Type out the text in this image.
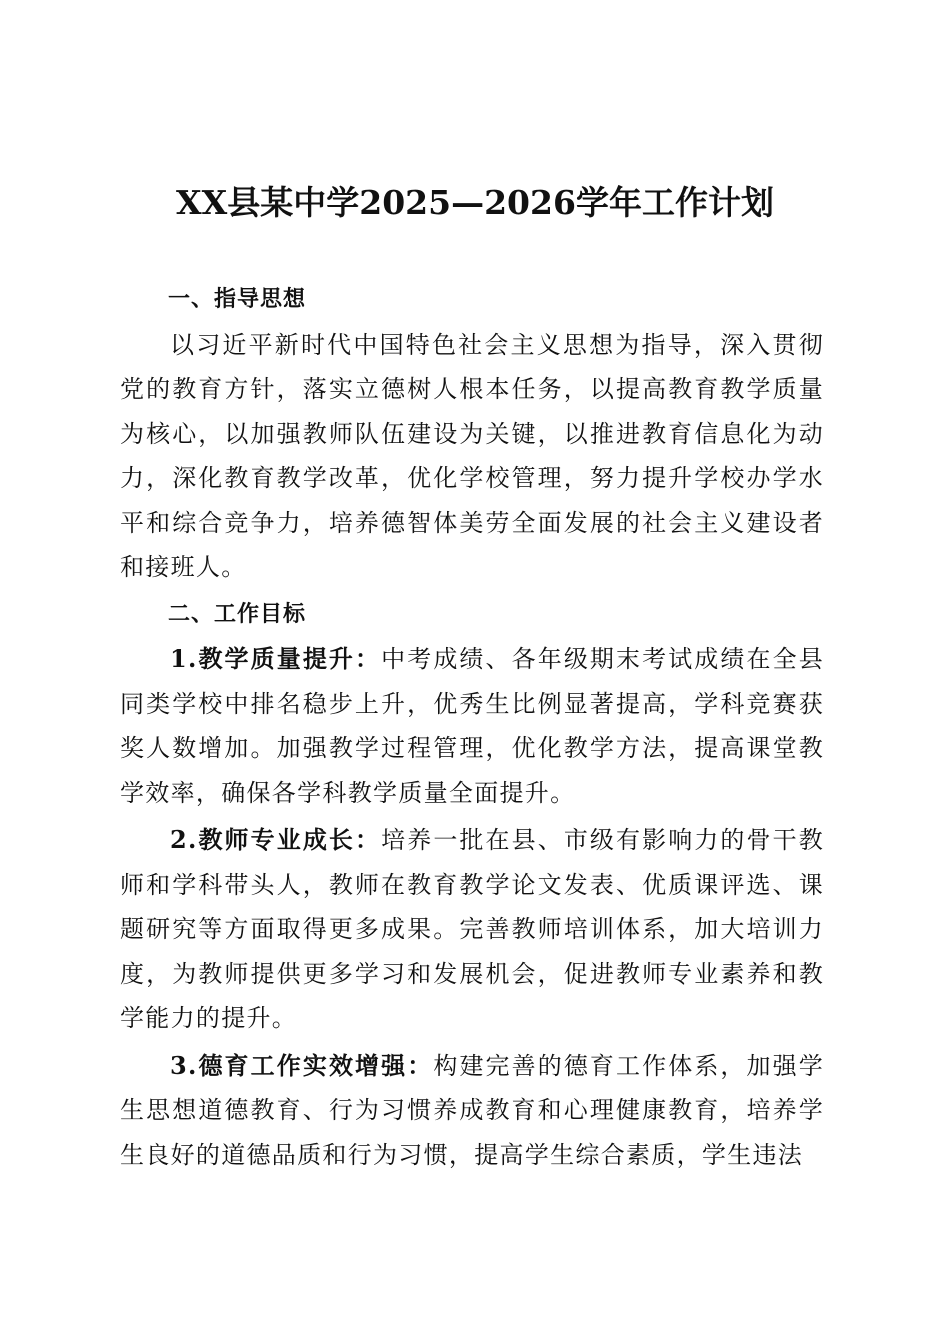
XX县某中学2025—2026学年工作计划

一、指导思想

以习近平新时代中国特色社会主义思想为指导，深入贯彻党的教育方针，落实立德树人根本任务，以提高教育教学质量为核心，以加强教师队伍建设为关键，以推进教育信息化为动力，深化教育教学改革，优化学校管理，努力提升学校办学水平和综合竞争力，培养德智体美劳全面发展的社会主义建设者和接班人。

二、工作目标

1.教学质量提升：中考成绩、各年级期末考试成绩在全县同类学校中排名稳步上升，优秀生比例显著提高，学科竞赛获奖人数增加。加强教学过程管理，优化教学方法，提高课堂教学效率，确保各学科教学质量全面提升。

2.教师专业成长：培养一批在县、市级有影响力的骨干教师和学科带头人，教师在教育教学论文发表、优质课评选、课题研究等方面取得更多成果。完善教师培训体系，加大培训力度，为教师提供更多学习和发展机会，促进教师专业素养和教学能力的提升。

3.德育工作实效增强：构建完善的德育工作体系，加强学生思想道德教育、行为习惯养成教育和心理健康教育，培养学生良好的道德品质和行为习惯，提高学生综合素质，学生违法
